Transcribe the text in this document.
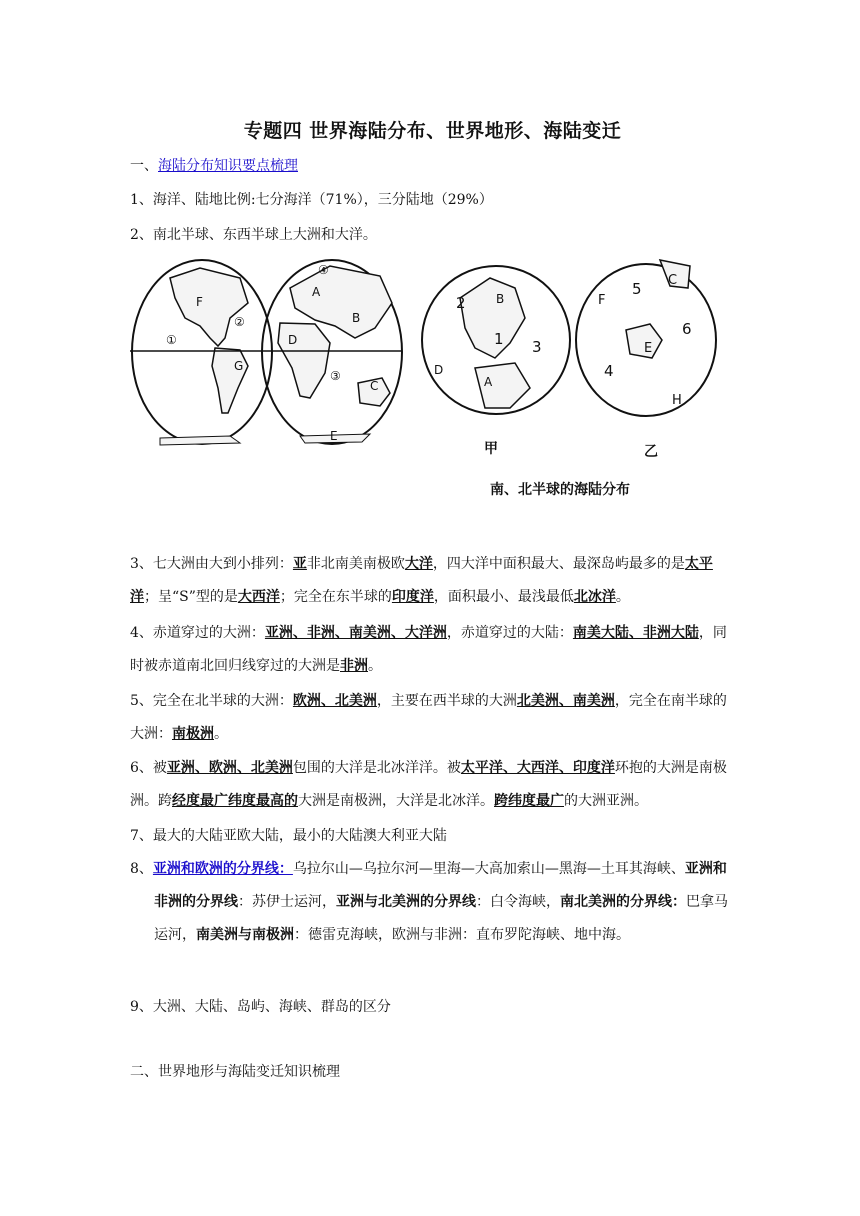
专题四 世界海陆分布、世界地形、海陆变迁
一、海陆分布知识要点梳理
1、海洋、陆地比例:七分海洋（71%），三分陆地（29%）
2、南北半球、东西半球上大洲和大洋。
3、七大洲由大到小排列：亚非北南美南极欧大洋，四大洋中面积最大、最深岛屿最多的是太平洋；呈“S”型的是大西洋；完全在东半球的印度洋，面积最小、最浅最低北冰洋。
4、赤道穿过的大洲：亚洲、非洲、南美洲、大洋洲，赤道穿过的大陆：南美大陆、非洲大陆，同时被赤道南北回归线穿过的大洲是非洲。
5、完全在北半球的大洲：欧洲、北美洲，主要在西半球的大洲北美洲、南美洲，完全在南半球的大洲：南极洲。
6、被亚洲、欧洲、北美洲包围的大洋是北冰洋洋。被太平洋、大西洋、印度洋环抱的大洲是南极洲。跨经度最广纬度最高的大洲是南极洲，大洋是北冰洋。跨纬度最广的大洲亚洲。
7、最大的大陆亚欧大陆，最小的大陆澳大利亚大陆
8、亚洲和欧洲的分界线：乌拉尔山—乌拉尔河—里海—大高加索山—黑海—土耳其海峡、亚洲和非洲的分界线：苏伊士运河，亚洲与北美洲的分界线：白令海峡，南北美洲的分界线：巴拿马运河，南美洲与南极洲：德雷克海峡，欧洲与非洲：直布罗陀海峡、地中海。
9、大洲、大陆、岛屿、海峡、群岛的区分
二、世界地形与海陆变迁知识梳理
F
①
②
④
A
B
D
G
③
C
E
2	B
1 3
D
A
F
5 C
E
6
4
H
甲	乙
南、北半球的海陆分布
